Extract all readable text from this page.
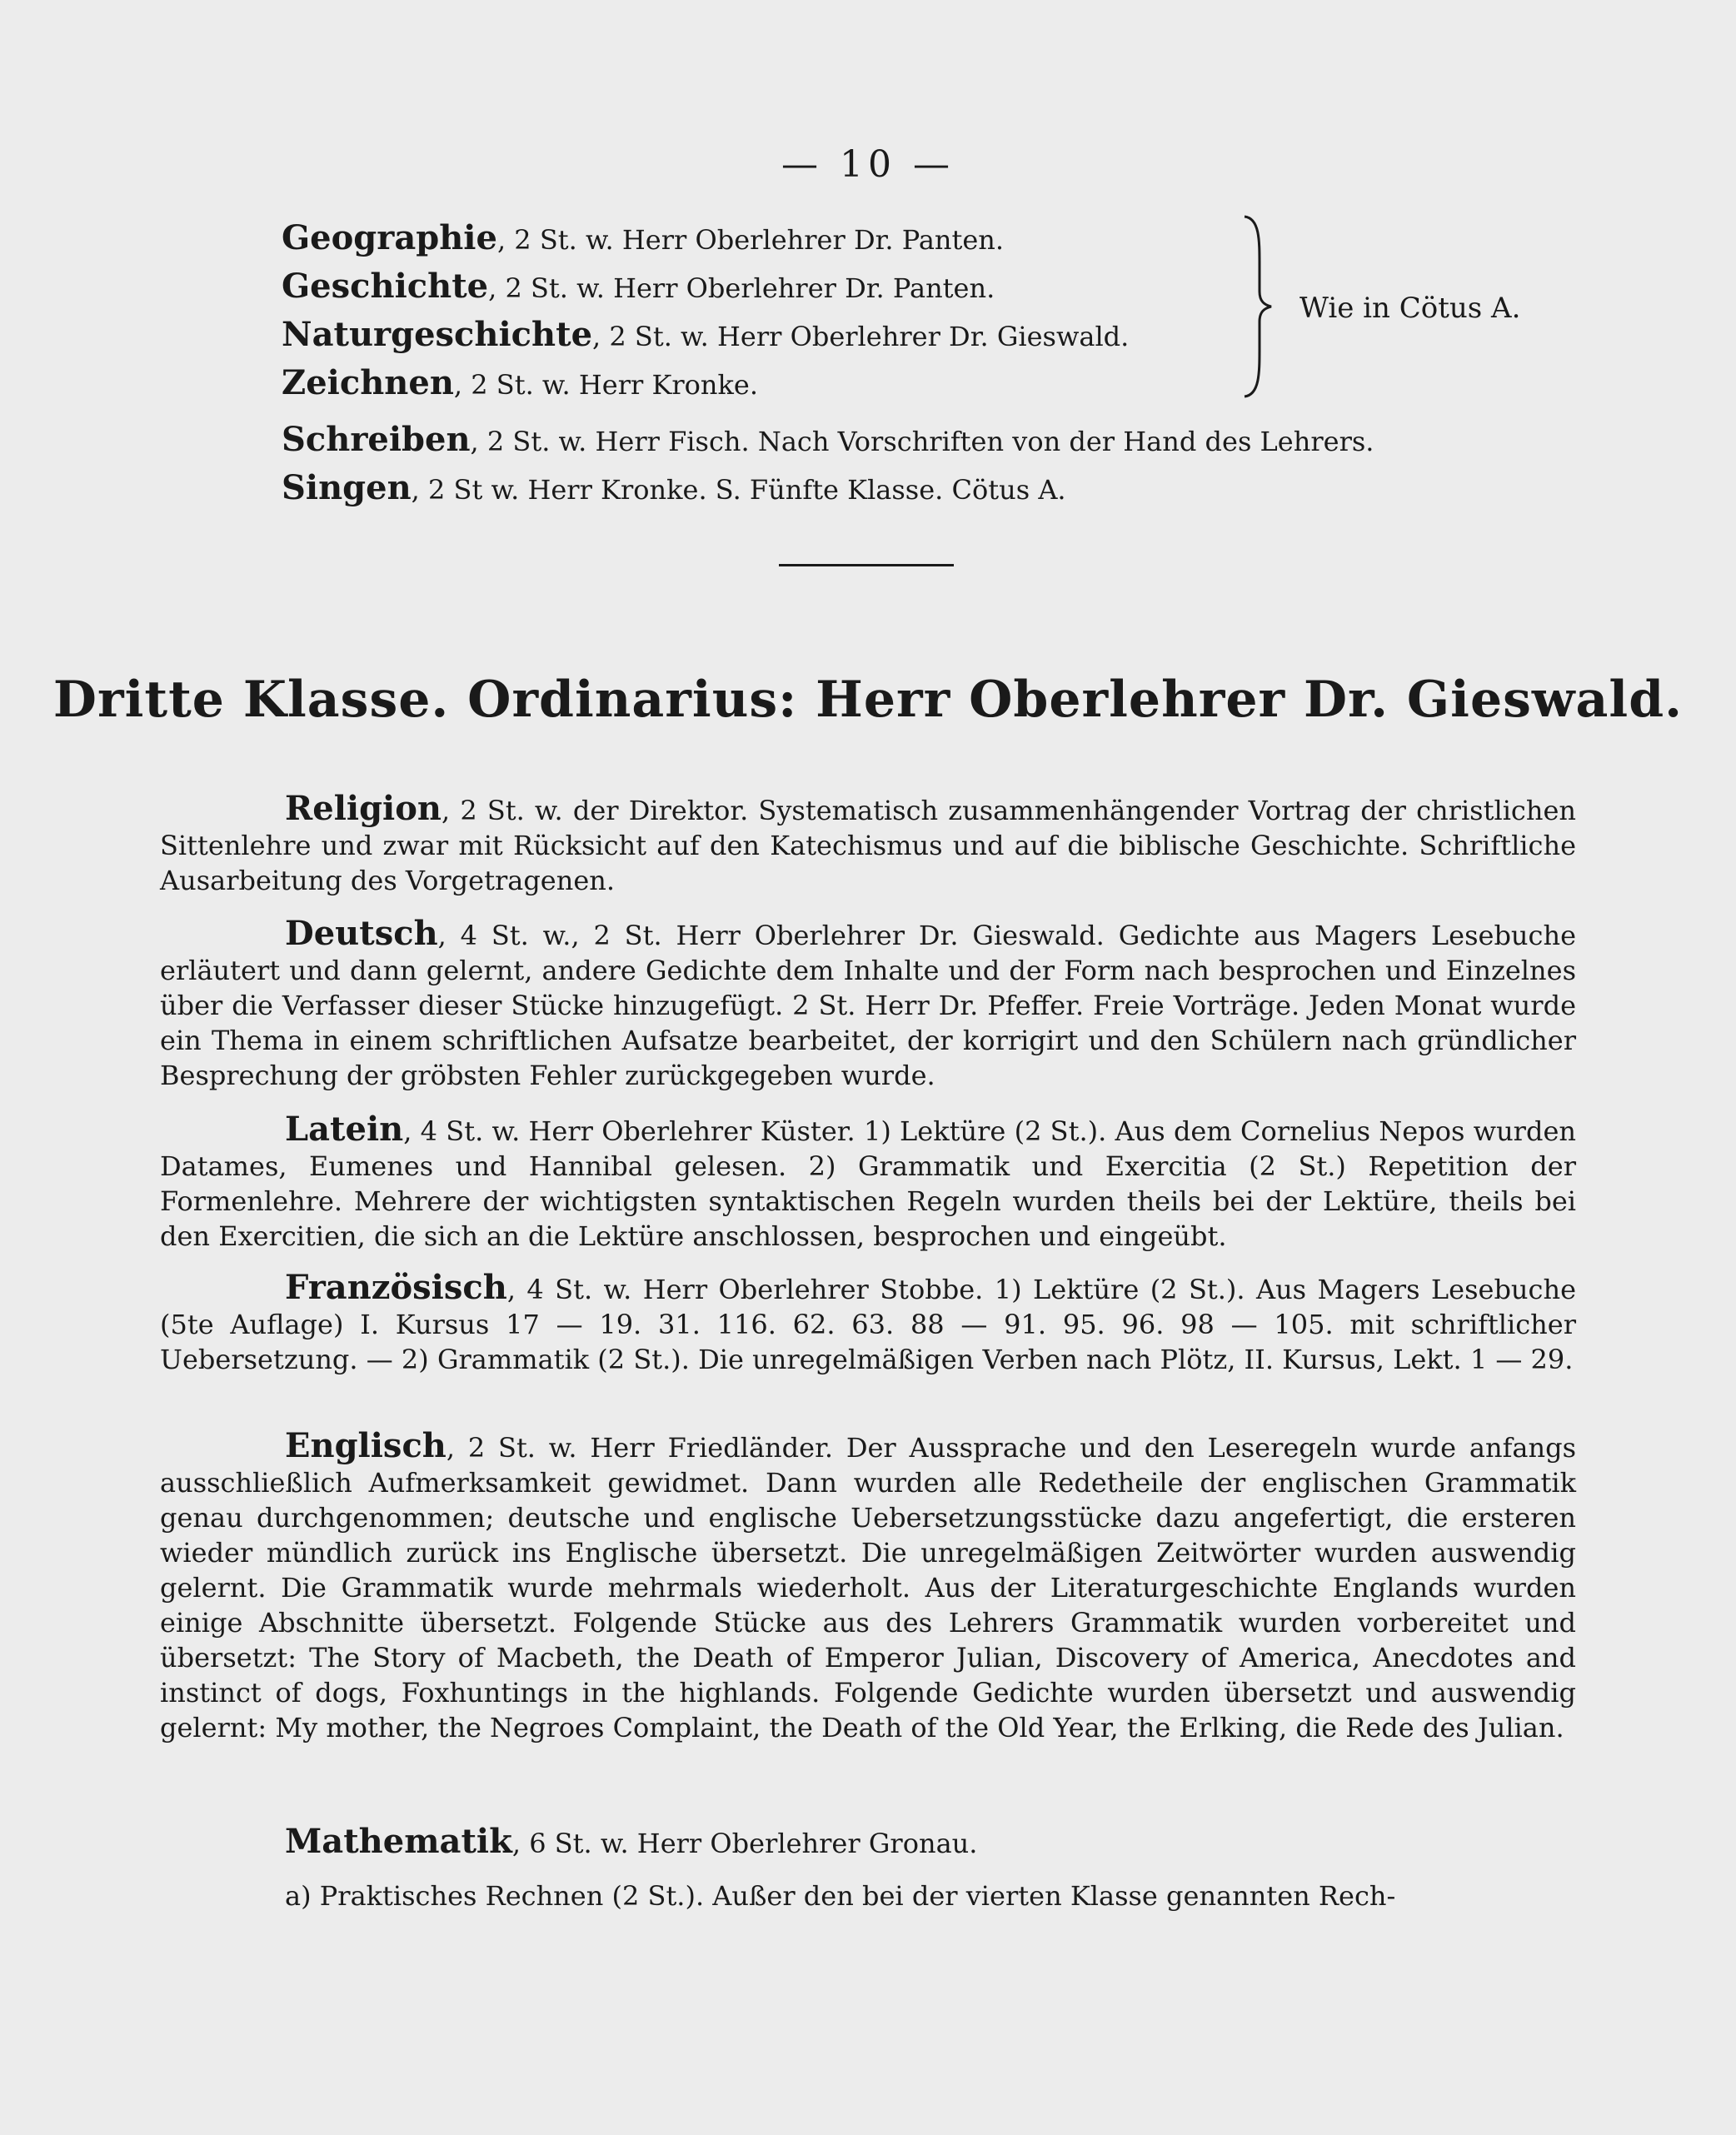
— 10 —
Geographie, 2 St. w. Herr Oberlehrer Dr. Panten.
Geschichte, 2 St. w. Herr Oberlehrer Dr. Panten.
Naturgeschichte, 2 St. w. Herr Oberlehrer Dr. Gieswald.
Zeichnen, 2 St. w. Herr Kronke.
Schreiben, 2 St. w. Herr Fisch. Nach Vorschriften von der Hand des Lehrers.
Singen, 2 St w. Herr Kronke. S. Fünfte Klasse. Cötus A.
Wie in Cötus A.
Dritte Klasse. Ordinarius: Herr Oberlehrer Dr. Gieswald.
Religion, 2 St. w. der Direktor. Systematisch zusammenhängender Vortrag der christlichen Sittenlehre und zwar mit Rücksicht auf den Katechismus und auf die biblische Geschichte. Schriftliche Ausarbeitung des Vorgetragenen.
Deutsch, 4 St. w., 2 St. Herr Oberlehrer Dr. Gieswald. Gedichte aus Magers Lesebuche erläutert und dann gelernt, andere Gedichte dem Inhalte und der Form nach besprochen und Einzelnes über die Verfasser dieser Stücke hinzugefügt. 2 St. Herr Dr. Pfeffer. Freie Vorträge. Jeden Monat wurde ein Thema in einem schriftlichen Aufsatze bearbeitet, der korrigirt und den Schülern nach gründlicher Besprechung der gröbsten Fehler zurückgegeben wurde.
Latein, 4 St. w. Herr Oberlehrer Küster. 1) Lektüre (2 St.). Aus dem Cornelius Nepos wurden Datames, Eumenes und Hannibal gelesen. 2) Grammatik und Exercitia (2 St.) Repetition der Formenlehre. Mehrere der wichtigsten syntaktischen Regeln wurden theils bei der Lektüre, theils bei den Exercitien, die sich an die Lektüre anschlossen, besprochen und eingeübt.
Französisch, 4 St. w. Herr Oberlehrer Stobbe. 1) Lektüre (2 St.). Aus Magers Lesebuche (5te Auflage) I. Kursus 17 — 19. 31. 116. 62. 63. 88 — 91. 95. 96. 98 — 105. mit schriftlicher Uebersetzung. — 2) Grammatik (2 St.). Die unregelmäßigen Verben nach Plötz, II. Kursus, Lekt. 1 — 29.
Englisch, 2 St. w. Herr Friedländer. Der Aussprache und den Leseregeln wurde anfangs ausschließlich Aufmerksamkeit gewidmet. Dann wurden alle Redetheile der englischen Grammatik genau durchgenommen; deutsche und englische Uebersetzungsstücke dazu angefertigt, die ersteren wieder mündlich zurück ins Englische übersetzt. Die unregelmäßigen Zeitwörter wurden auswendig gelernt. Die Grammatik wurde mehrmals wiederholt. Aus der Literaturgeschichte Englands wurden einige Abschnitte übersetzt. Folgende Stücke aus des Lehrers Grammatik wurden vorbereitet und übersetzt: The Story of Macbeth, the Death of Emperor Julian, Discovery of America, Anecdotes and instinct of dogs, Foxhuntings in the highlands. Folgende Gedichte wurden übersetzt und auswendig gelernt: My mother, the Negroes Complaint, the Death of the Old Year, the Erlking, die Rede des Julian.
Mathematik, 6 St. w. Herr Oberlehrer Gronau.
a) Praktisches Rechnen (2 St.). Außer den bei der vierten Klasse genannten Rech-
